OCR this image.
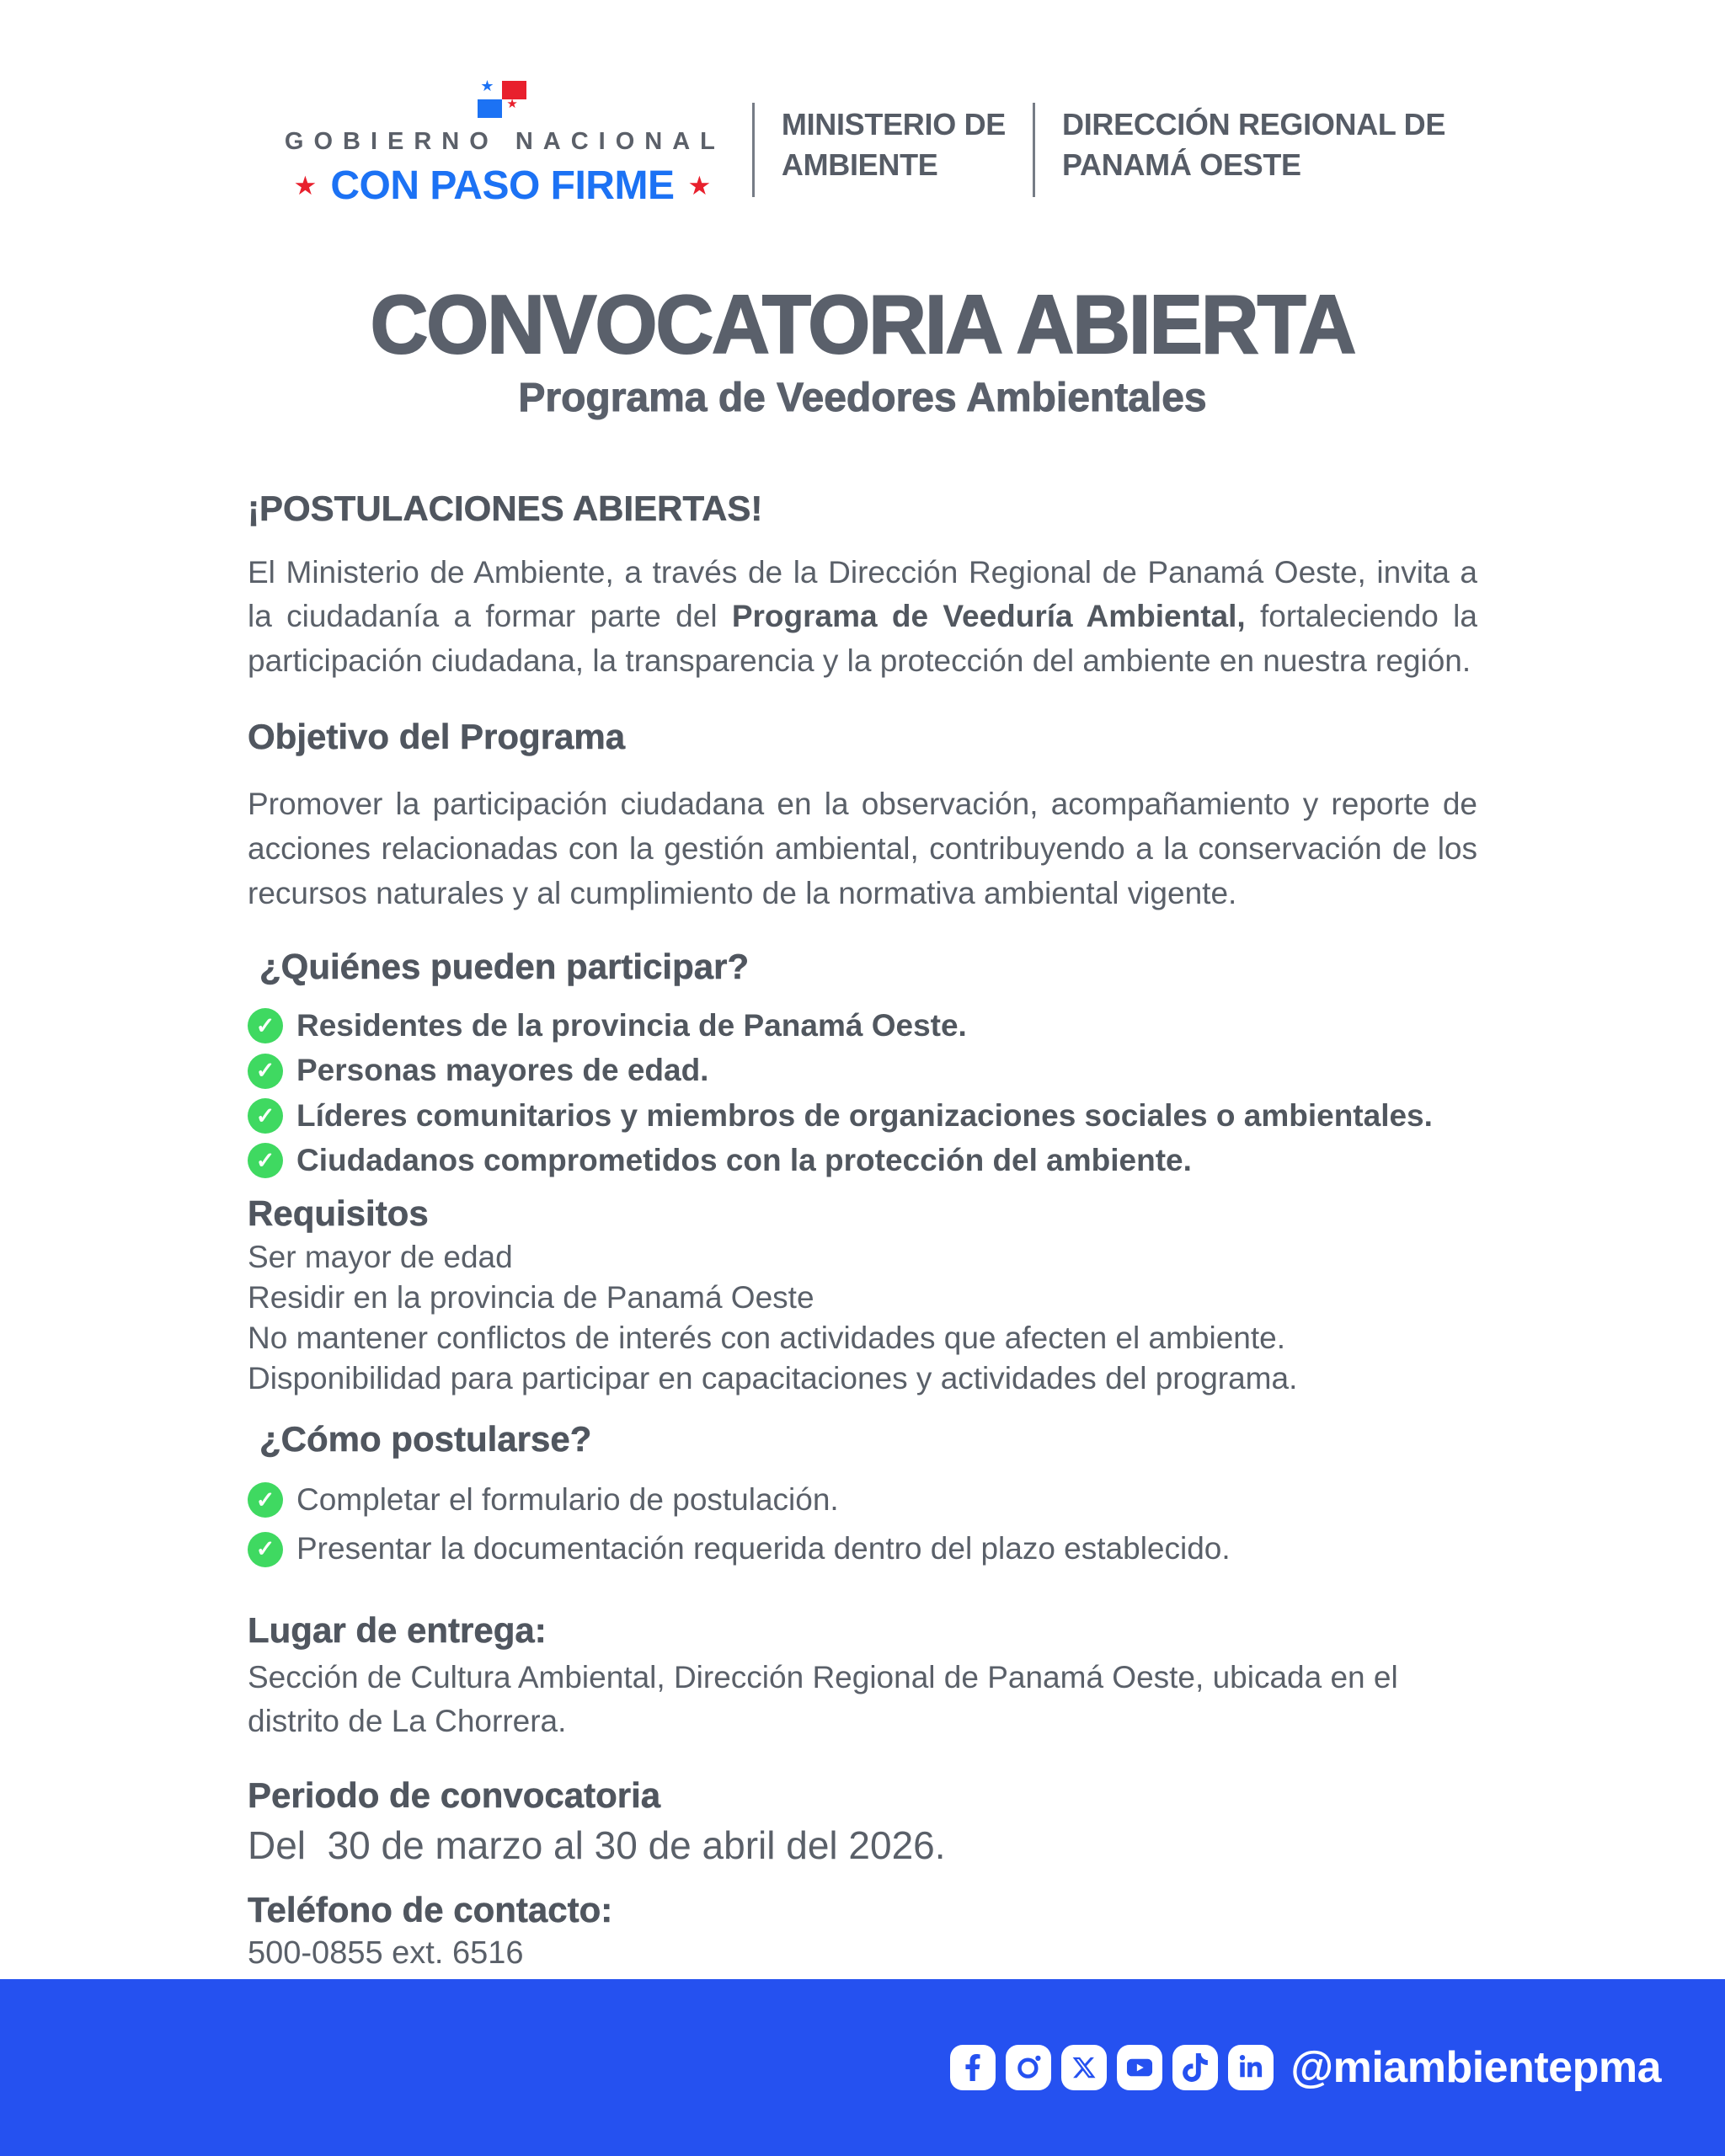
★
★
GOBIERNO NACIONAL
★ CON PASO FIRME ★
MINISTERIO DE
AMBIENTE
DIRECCIÓN REGIONAL DE
PANAMÁ OESTE
CONVOCATORIA ABIERTA
Programa de Veedores Ambientales
¡POSTULACIONES ABIERTAS!

El Ministerio de Ambiente, a través de la Dirección Regional de Panamá Oeste, invita a la ciudadanía a formar parte del Programa de Veeduría Ambiental, fortaleciendo la participación ciudadana, la transparencia y la protección del ambiente en nuestra región.

Objetivo del Programa

Promover la participación ciudadana en la observación, acompañamiento y reporte de acciones relacionadas con la gestión ambiental, contribuyendo a la conservación de los recursos naturales y al cumplimiento de la normativa ambiental vigente.

¿Quiénes pueden participar?
✓ Residentes de la provincia de Panamá Oeste.
✓ Personas mayores de edad.
✓ Líderes comunitarios y miembros de organizaciones sociales o ambientales.
✓ Ciudadanos comprometidos con la protección del ambiente.
Requisitos
Ser mayor de edad
Residir en la provincia de Panamá Oeste
No mantener conflictos de interés con actividades que afecten el ambiente.
Disponibilidad para participar en capacitaciones y actividades del programa.
¿Cómo postularse?
✓ Completar el formulario de postulación.
✓ Presentar la documentación requerida dentro del plazo establecido.
Lugar de entrega:

Sección de Cultura Ambiental, Dirección Regional de Panamá Oeste, ubicada en el distrito de La Chorrera.

Periodo de convocatoria
Del  30 de marzo al 30 de abril del 2026.
Teléfono de contacto:
500-0855 ext. 6516
@miambientepma
